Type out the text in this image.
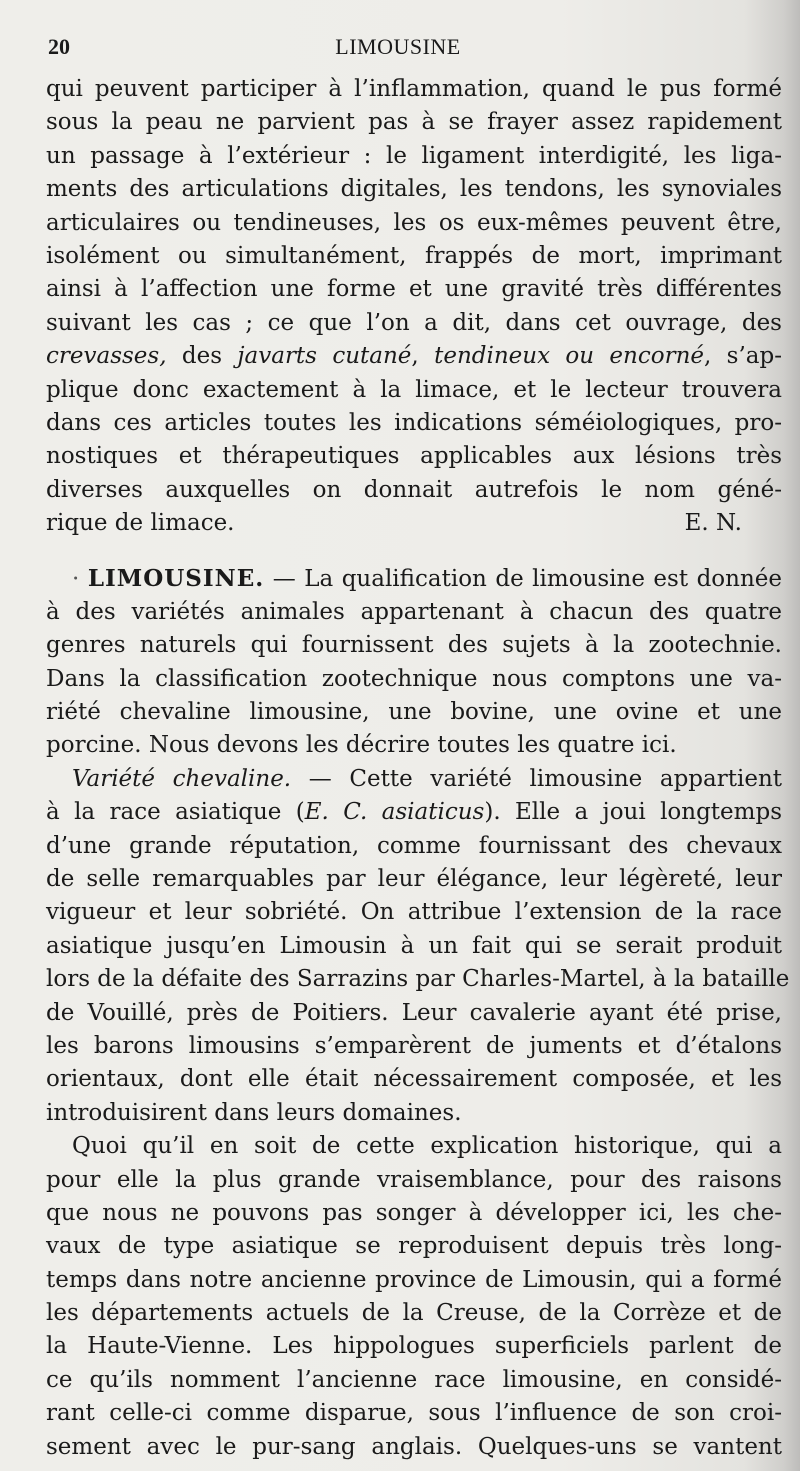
20	LIMOUSINE
qui peuvent participer à l’inflammation, quand le pus formé
sous la peau ne parvient pas à se frayer assez rapidement
un passage à l’extérieur : le ligament interdigité, les liga-
ments des articulations digitales, les tendons, les synoviales
articulaires ou tendineuses, les os eux-mêmes peuvent être,
isolément ou simultanément, frappés de mort, imprimant
ainsi à l’affection une forme et une gravité très différentes
suivant les cas ; ce que l’on a dit, dans cet ouvrage, des
crevasses, des javarts cutané, tendineux ou encorné, s’ap-
plique donc exactement à la limace, et le lecteur trouvera
dans ces articles toutes les indications séméiologiques, pro-
nostiques et thérapeutiques applicables aux lésions très
diverses auxquelles on donnait autrefois le nom géné-
rique de limace.	E. N.
· LIMOUSINE. — La qualification de limousine est donnée
à des variétés animales appartenant à chacun des quatre
genres naturels qui fournissent des sujets à la zootechnie.
Dans la classification zootechnique nous comptons une va-
riété chevaline limousine, une bovine, une ovine et une
porcine. Nous devons les décrire toutes les quatre ici.
Variété chevaline. — Cette variété limousine appartient
à la race asiatique (E. C. asiaticus). Elle a joui longtemps
d’une grande réputation, comme fournissant des chevaux
de selle remarquables par leur élégance, leur légèreté, leur
vigueur et leur sobriété. On attribue l’extension de la race
asiatique jusqu’en Limousin à un fait qui se serait produit
lors de la défaite des Sarrazins par Charles-Martel, à la bataille
de Vouillé, près de Poitiers. Leur cavalerie ayant été prise,
les barons limousins s’emparèrent de juments et d’étalons
orientaux, dont elle était nécessairement composée, et les
introduisirent dans leurs domaines.
Quoi qu’il en soit de cette explication historique, qui a
pour elle la plus grande vraisemblance, pour des raisons
que nous ne pouvons pas songer à développer ici, les che-
vaux de type asiatique se reproduisent depuis très long-
temps dans notre ancienne province de Limousin, qui a formé
les départements actuels de la Creuse, de la Corrèze et de
la Haute-Vienne. Les hippologues superficiels parlent de
ce qu’ils nomment l’ancienne race limousine, en considé-
rant celle-ci comme disparue, sous l’influence de son croi-
sement avec le pur-sang anglais. Quelques-uns se vantent
